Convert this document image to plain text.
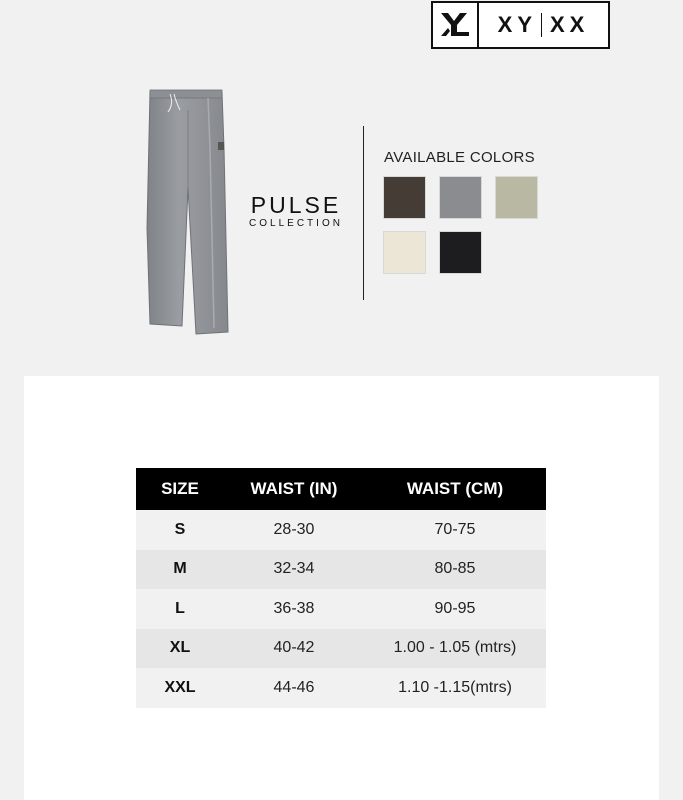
XY XX
PULSE
COLLECTION
AVAILABLE COLORS
SIZE	WAIST (IN)	WAIST (CM)
S	28-30	70-75
M	32-34	80-85
L	36-38	90-95
XL	40-42	1.00 - 1.05 (mtrs)
XXL	44-46	1.10 -1.15(mtrs)
